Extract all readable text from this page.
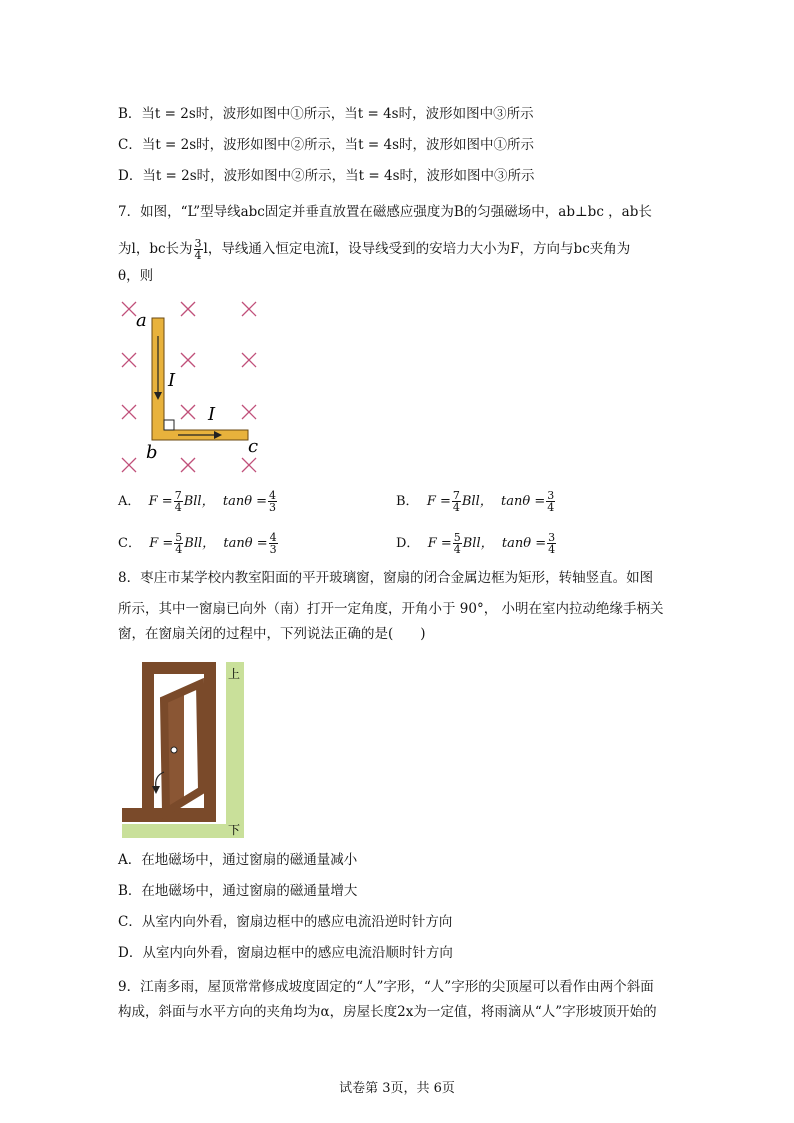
B．当t = 2s时，波形如图中①所示，当t = 4s时，波形如图中③所示
C．当t = 2s时，波形如图中②所示，当t = 4s时，波形如图中①所示
D．当t = 2s时，波形如图中②所示，当t = 4s时，波形如图中③所示
7．如图，“L”型导线abc固定并垂直放置在磁感应强度为B的匀强磁场中，ab⊥bc ，ab长
为l，bc长为 $\frac{3}{4}$ l，导线通入恒定电流I，设导线受到的安培力大小为F，方向与bc夹角为
θ，则
a
b	c
I
I
A． $F = \frac{7}{4}$ Bll， $\tan\theta = \frac{4}{3}$	B． $F = \frac{7}{4}$ Bll， $\tan\theta = \frac{3}{4}$
C． $F = \frac{5}{4}$ Bll， $\tan\theta = \frac{4}{3}$	D． $F = \frac{5}{4}$ Bll， $\tan\theta = \frac{3}{4}$
8．枣庄市某学校内教室阳面的平开玻璃窗，窗扇的闭合金属边框为矩形，转轴竖直。如图
所示，其中一窗扇已向外（南）打开一定角度，开角小于 90°， 小明在室内拉动绝缘手柄关
窗，在窗扇关闭的过程中，下列说法正确的是(　　)
上
下
A．在地磁场中，通过窗扇的磁通量减小
B．在地磁场中，通过窗扇的磁通量增大
C．从室内向外看，窗扇边框中的感应电流沿逆时针方向
D．从室内向外看，窗扇边框中的感应电流沿顺时针方向
9．江南多雨，屋顶常常修成坡度固定的“人”字形，“人”字形的尖顶屋可以看作由两个斜面
构成，斜面与水平方向的夹角均为α，房屋长度2x为一定值，将雨滴从“人”字形坡顶开始的
试卷第 3页，共 6页
